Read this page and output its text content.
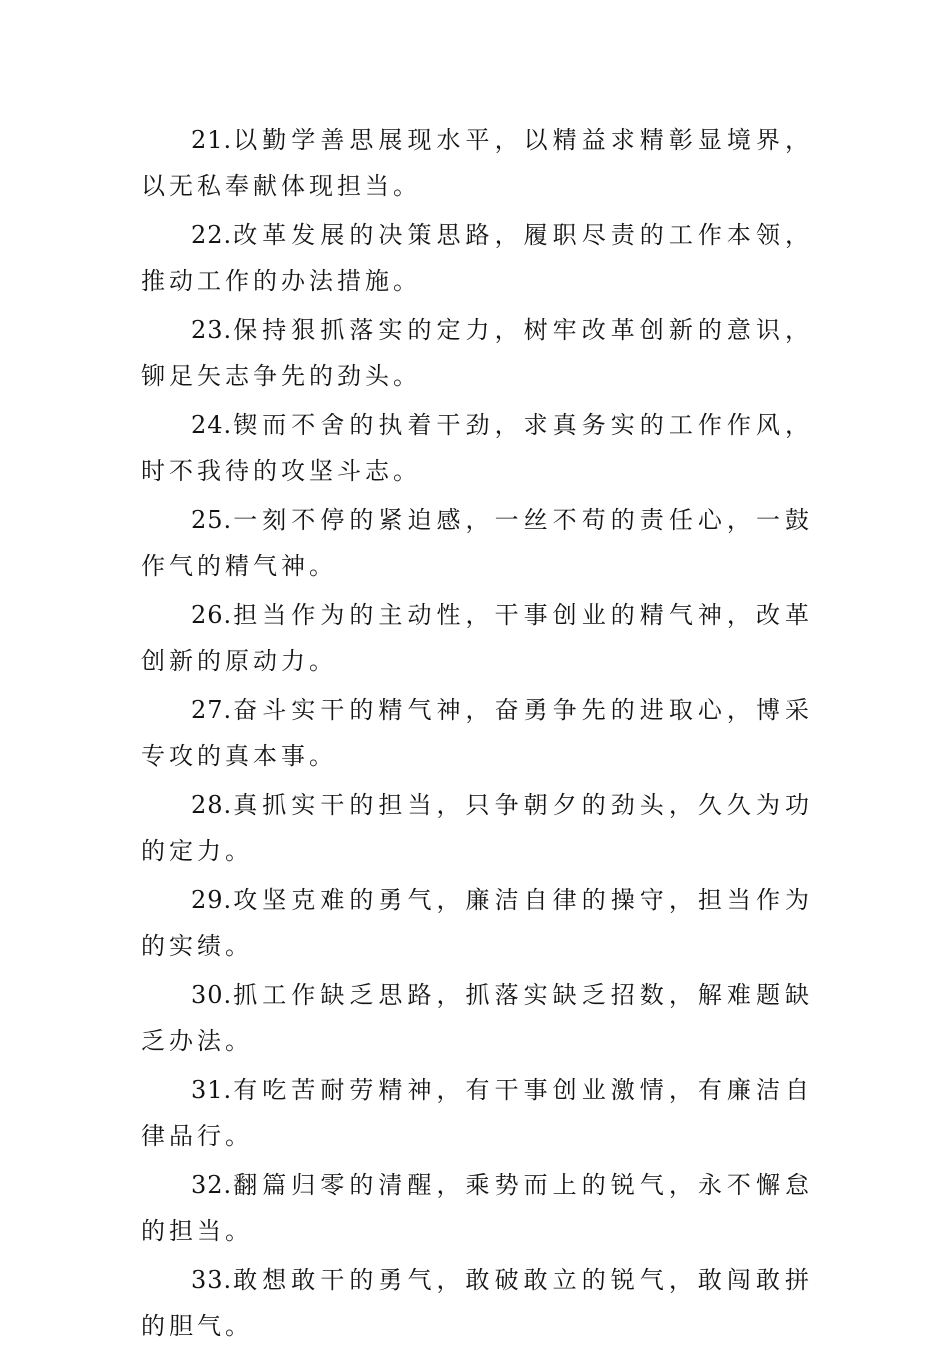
21.以勤学善思展现水平，以精益求精彰显境界，以无私奉献体现担当。

22.改革发展的决策思路，履职尽责的工作本领，推动工作的办法措施。

23.保持狠抓落实的定力，树牢改革创新的意识，铆足矢志争先的劲头。

24.锲而不舍的执着干劲，求真务实的工作作风，时不我待的攻坚斗志。

25.一刻不停的紧迫感，一丝不苟的责任心，一鼓作气的精气神。

26.担当作为的主动性，干事创业的精气神，改革创新的原动力。

27.奋斗实干的精气神，奋勇争先的进取心，博采专攻的真本事。

28.真抓实干的担当，只争朝夕的劲头，久久为功的定力。

29.攻坚克难的勇气，廉洁自律的操守，担当作为的实绩。

30.抓工作缺乏思路，抓落实缺乏招数，解难题缺乏办法。

31.有吃苦耐劳精神，有干事创业激情，有廉洁自律品行。

32.翻篇归零的清醒，乘势而上的锐气，永不懈怠的担当。

33.敢想敢干的勇气，敢破敢立的锐气，敢闯敢拼的胆气。
